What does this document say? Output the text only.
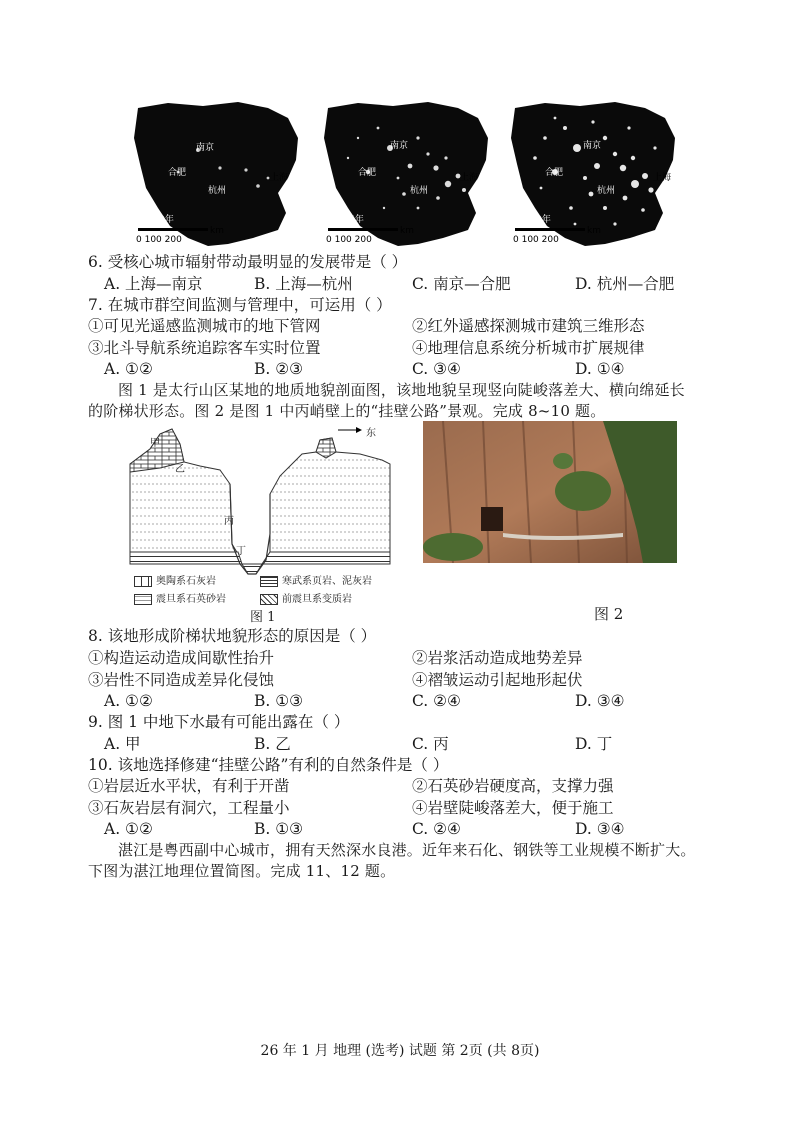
南京
合肥
杭州
上海
1990年
0 100 200
km
南京
合肥
杭州
上海
2005年
0 100 200
km
南京
合肥
杭州
上海
2020年
0 100 200
km
6. 受核心城市辐射带动最明显的发展带是（ ）
A. 上海—南京	B. 上海—杭州	C. 南京—合肥	D. 杭州—合肥
7. 在城市群空间监测与管理中，可运用（ ）
①可见光遥感监测城市的地下管网	②红外遥感探测城市建筑三维形态
③北斗导航系统追踪客车实时位置	④地理信息系统分析城市扩展规律
A. ①②	B. ②③	C. ③④	D. ①④
图 1 是太行山区某地的地质地貌剖面图，该地地貌呈现竖向陡峻落差大、横向绵延长
的阶梯状形态。图 2 是图 1 中丙峭壁上的“挂壁公路”景观。完成 8~10 题。
甲
乙
丙
丁
东
奥陶系石灰岩	寒武系页岩、泥灰岩
震旦系石英砂岩	前震旦系变质岩
图 1	图 2
8. 该地形成阶梯状地貌形态的原因是（ ）
①构造运动造成间歇性抬升	②岩浆活动造成地势差异
③岩性不同造成差异化侵蚀	④褶皱运动引起地形起伏
A. ①②	B. ①③	C. ②④	D. ③④
9. 图 1 中地下水最有可能出露在（ ）
A. 甲	B. 乙	C. 丙	D. 丁
10. 该地选择修建“挂壁公路”有利的自然条件是（ ）
①岩层近水平状，有利于开凿	②石英砂岩硬度高，支撑力强
③石灰岩层有洞穴，工程量小	④岩壁陡峻落差大，便于施工
A. ①②	B. ①③	C. ②④	D. ③④
湛江是粤西副中心城市，拥有天然深水良港。近年来石化、钢铁等工业规模不断扩大。
下图为湛江地理位置简图。完成 11、12 题。
26 年 1 月 地理 (选考) 试题 第 2页 (共 8页)
